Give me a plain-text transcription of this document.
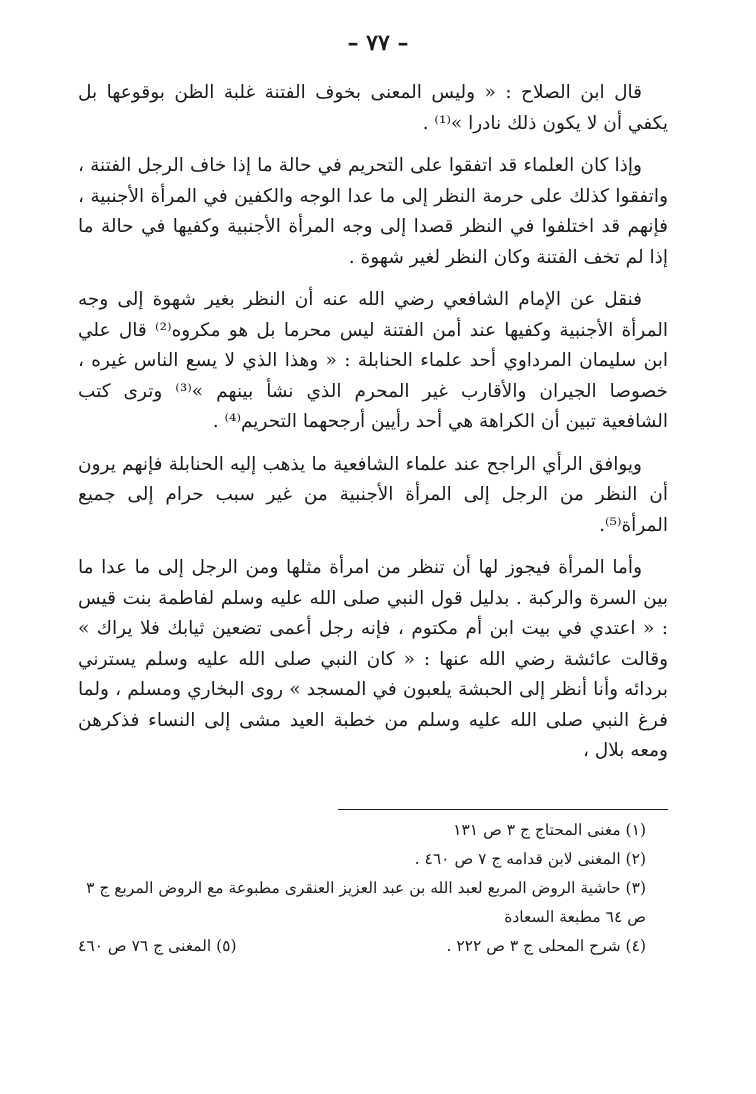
– ٧٧ –

قال ابن الصلاح : « وليس المعنى بخوف الفتنة غلبة الظن بوقوعها بل يكفي أن لا يكون ذلك نادرا »⁽¹⁾ .

وإذا كان العلماء قد اتفقوا على التحريم في حالة ما إذا خاف الرجل الفتنة ، واتفقوا كذلك على حرمة النظر إلى ما عدا الوجه والكفين في المرأة الأجنبية ، فإنهم قد اختلفوا في النظر قصدا إلى وجه المرأة الأجنبية وكفيها في حالة ما إذا لم تخف الفتنة وكان النظر لغير شهوة .

فنقل عن الإمام الشافعي رضي الله عنه أن النظر بغير شهوة إلى وجه المرأة الأجنبية وكفيها عند أمن الفتنة ليس محرما بل هو مكروه⁽²⁾ قال علي ابن سليمان المرداوي أحد علماء الحنابلة : « وهذا الذي لا يسع الناس غيره ، خصوصا الجيران والأقارب غير المحرم الذي نشأ بينهم »⁽³⁾ وترى كتب الشافعية تبين أن الكراهة هي أحد رأيين أرجحهما التحريم⁽⁴⁾ .

ويوافق الرأي الراجح عند علماء الشافعية ما يذهب إليه الحنابلة فإنهم يرون أن النظر من الرجل إلى المرأة الأجنبية من غير سبب حرام إلى جميع المرأة⁽⁵⁾.

وأما المرأة فيجوز لها أن تنظر من امرأة مثلها ومن الرجل إلى ما عدا ما بين السرة والركبة . بدليل قول النبي صلى الله عليه وسلم لفاطمة بنت قيس : « اعتدي في بيت ابن أم مكتوم ، فإنه رجل أعمى تضعين ثيابك فلا يراك » وقالت عائشة رضي الله عنها : « كان النبي صلى الله عليه وسلم يسترني بردائه وأنا أنظر إلى الحبشة يلعبون في المسجد » روى البخاري ومسلم ، ولما فرغ النبي صلى الله عليه وسلم من خطبة العيد مشى إلى النساء فذكرهن ومعه بلال ،

(١) مغنى المحتاج ج ٣ ص ١٣١

(٢) المغنى لابن قدامه ج ٧ ص ٤٦٠ .

(٣) حاشية الروض المربع لعبد الله بن عبد العزيز العنقرى مطبوعة مع الروض المربع ج ٣ ص ٦٤ مطبعة السعادة

(٤) شرح المحلى ج ٣ ص ٢٢٢ .
(٥) المغنى ج ٧٦ ص ٤٦٠
